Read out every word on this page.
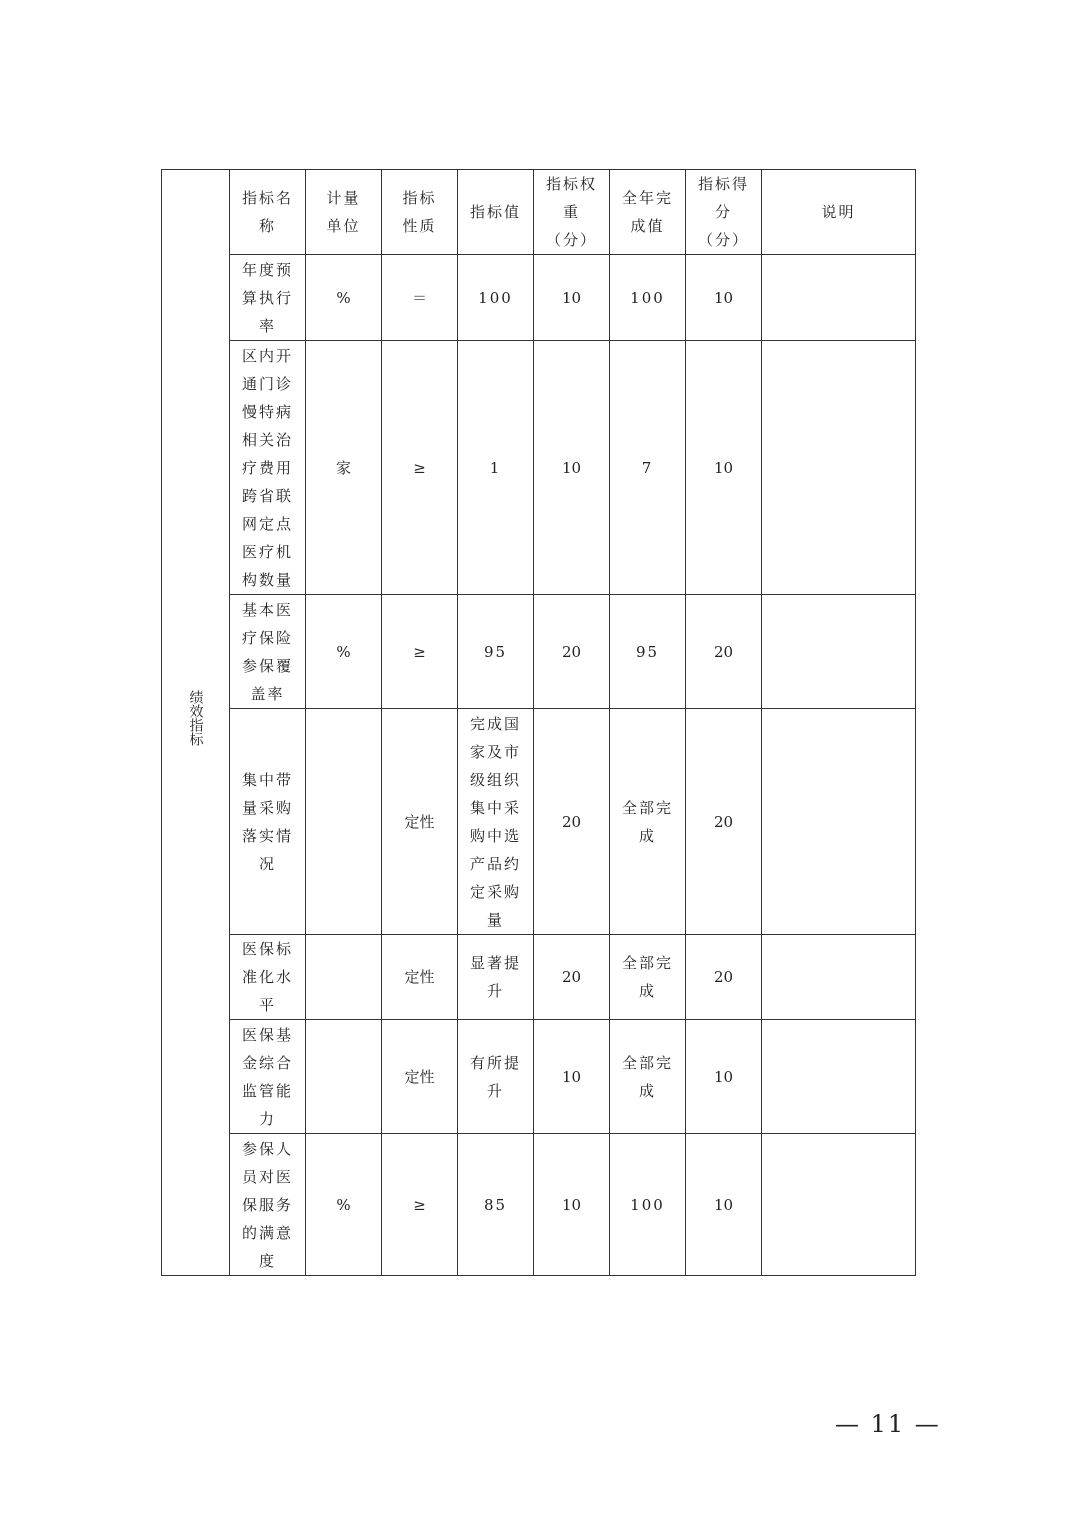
绩效指标	指标名称	计量单位	指标性质	指标值	指标权重（分）	全年完成值	指标得分（分）	说明

	年度预算执行率	%	＝	100	10	100	10	

	区内开通门诊慢特病相关治疗费用跨省联网定点医疗机构数量	家	≥	1	10	7	10	

	基本医疗保险参保覆盖率	%	≥	95	20	95	20	

	集中带量采购落实情况		定性	完成国家及市级组织集中采购中选产品约定采购量	20	全部完成	20	

	医保标准化水平		定性	显著提升	20	全部完成	20	

	医保基金综合监管能力		定性	有所提升	10	全部完成	10	

	参保人员对医保服务的满意度	%	≥	85	10	100	10	
— 11 —
